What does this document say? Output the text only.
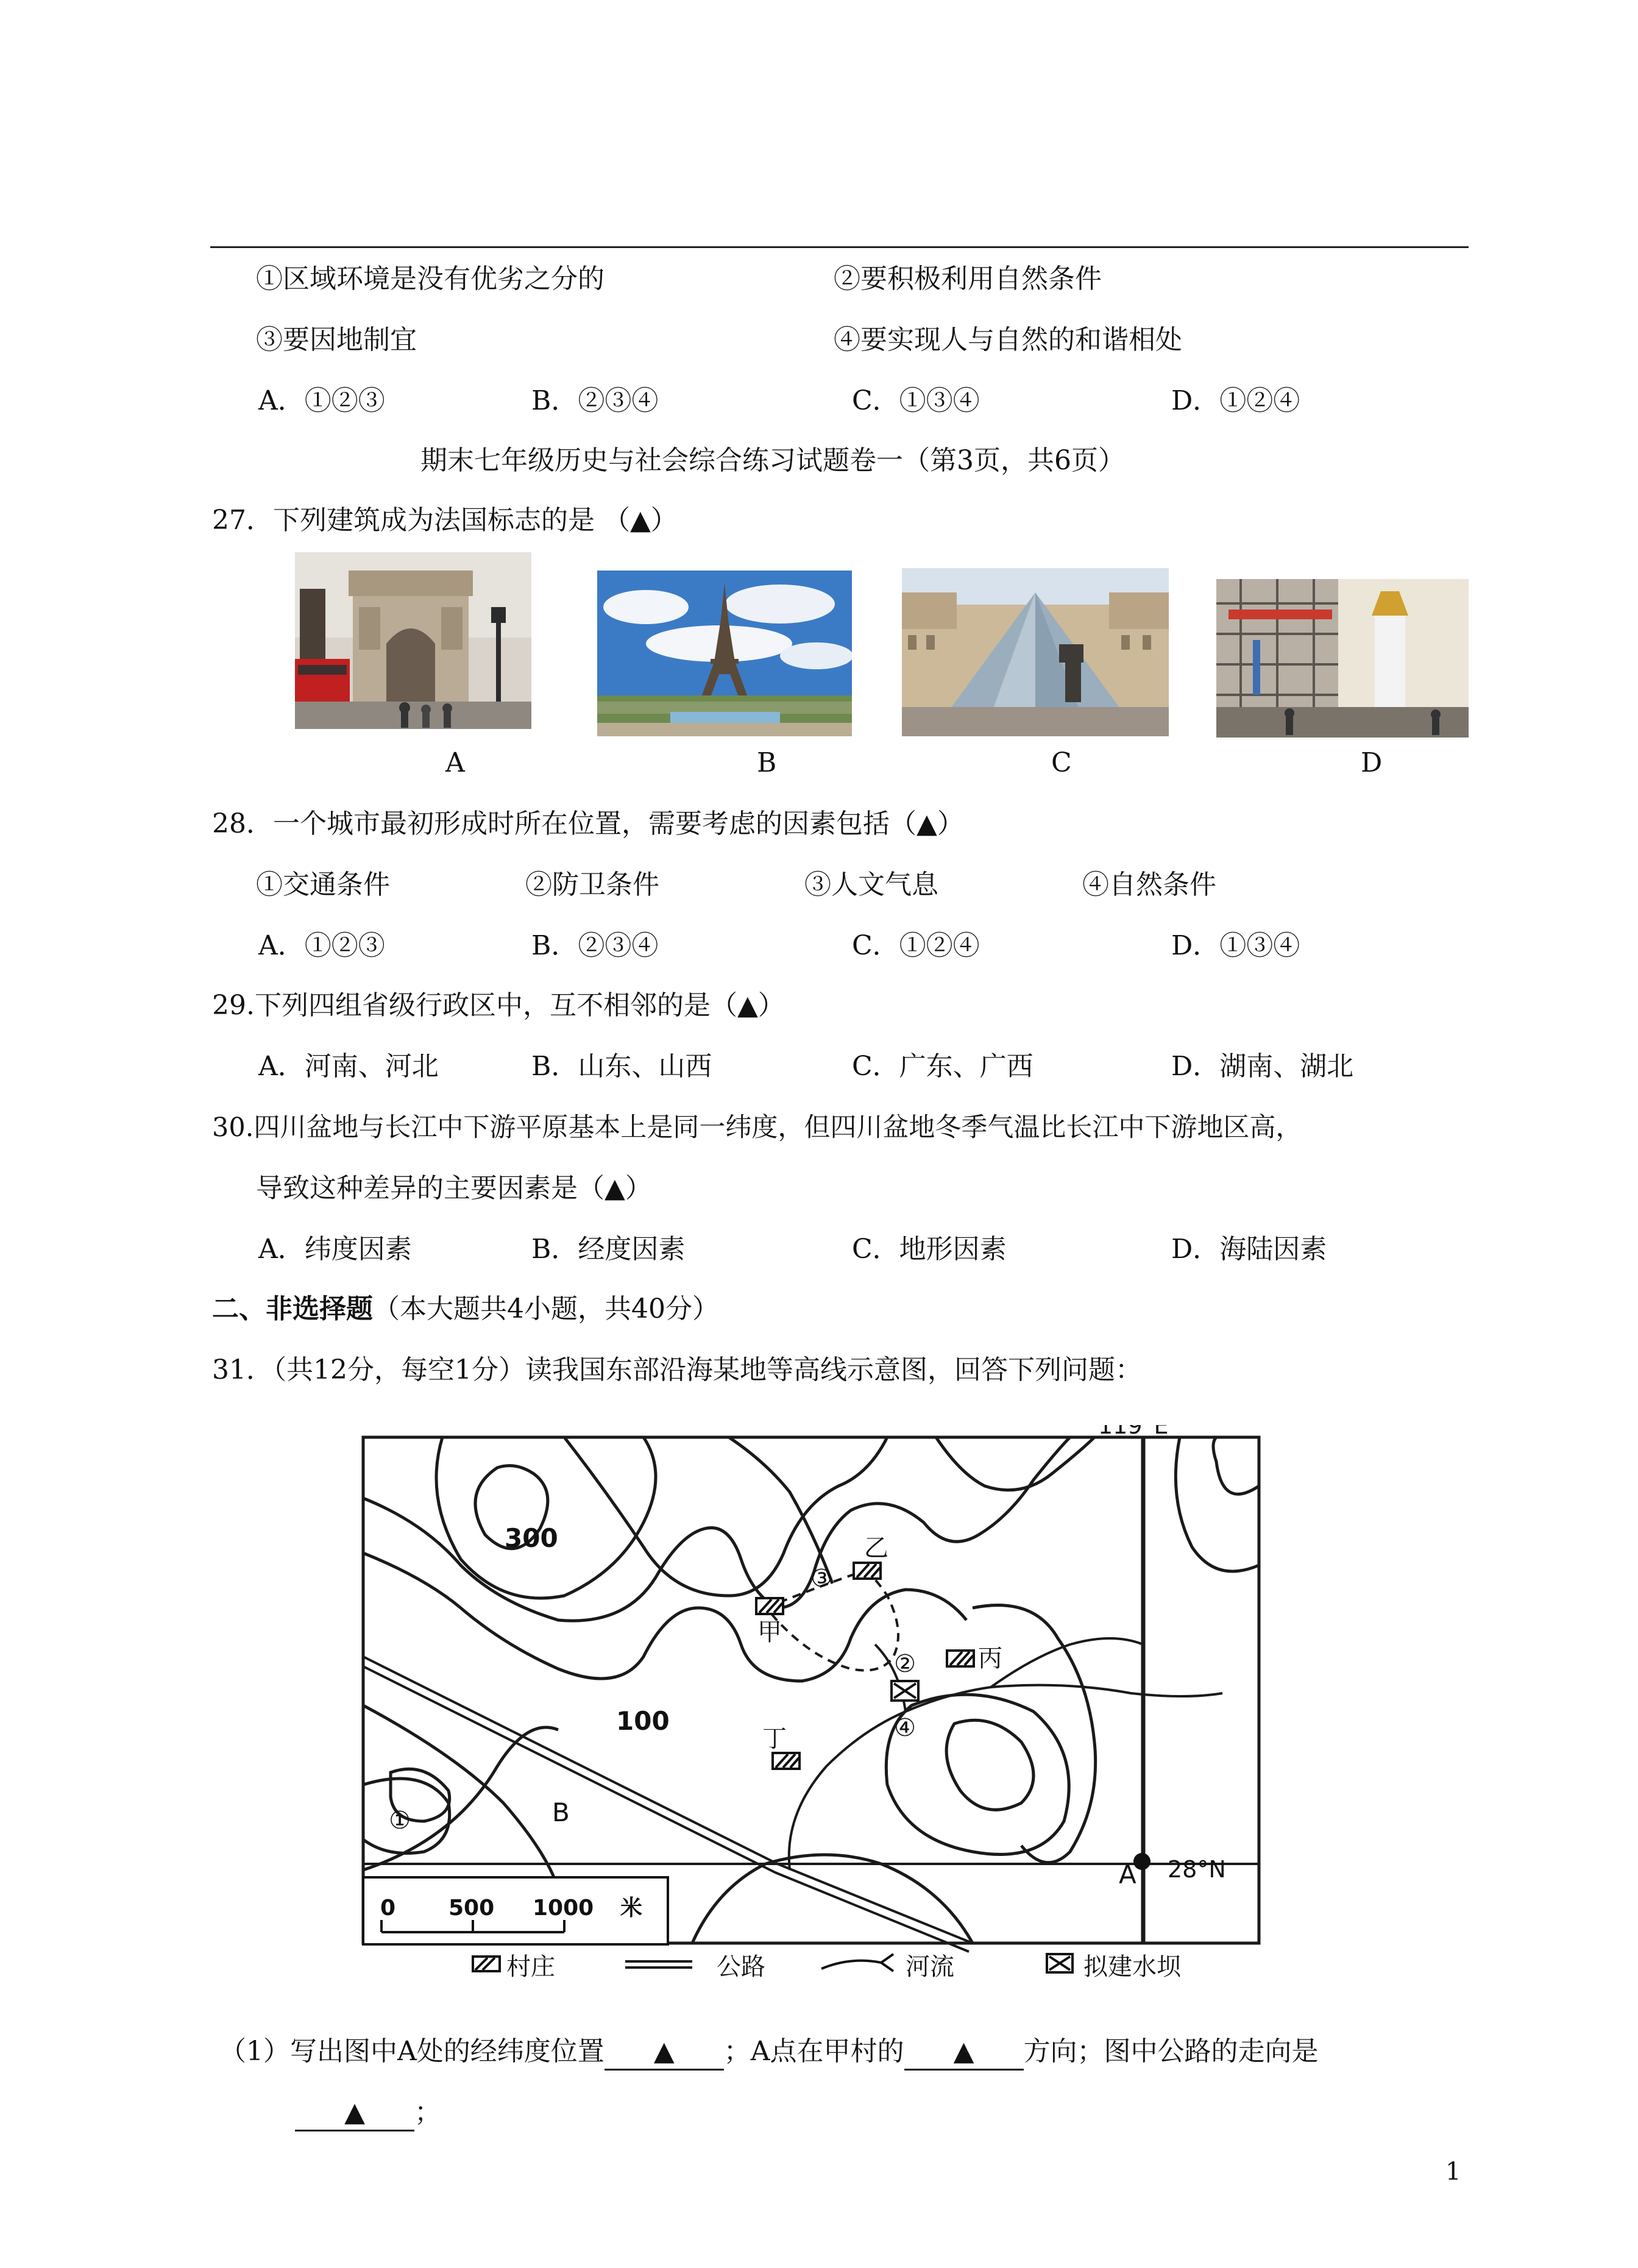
①区域环境是没有优劣之分的	②要积极利用自然条件
③要因地制宜	④要实现人与自然的和谐相处
A．①②③	B．②③④	C．①③④	D．①②④
期末七年级历史与社会综合练习试题卷一（第3页，共6页）
27．下列建筑成为法国标志的是 （▲）
A	B	C	D
28．一个城市最初形成时所在位置，需要考虑的因素包括（▲）
①交通条件	②防卫条件	③人文气息	④自然条件
A．①②③	B．②③④	C．①②④	D．①③④
29.下列四组省级行政区中，互不相邻的是（▲）
A．河南、河北	B．山东、山西	C．广东、广西	D．湖南、湖北
30.四川盆地与长江中下游平原基本上是同一纬度，但四川盆地冬季气温比长江中下游地区高，
导致这种差异的主要因素是（▲）
A．纬度因素	B．经度因素	C．地形因素	D．海陆因素
二、非选择题（本大题共4小题，共40分）
31．（共12分，每空1分）读我国东部沿海某地等高线示意图，回答下列问题：
①
②
③
④
甲
乙
丙
丁
300
100
A
B
119°E
28°N
0 500 1000 米
村庄	公路	河流	拟建水坝
（1）写出图中A处的经纬度位置 ▲ ；A点在甲村的 ▲ 方向；图中公路的走向是
▲ ；
1
